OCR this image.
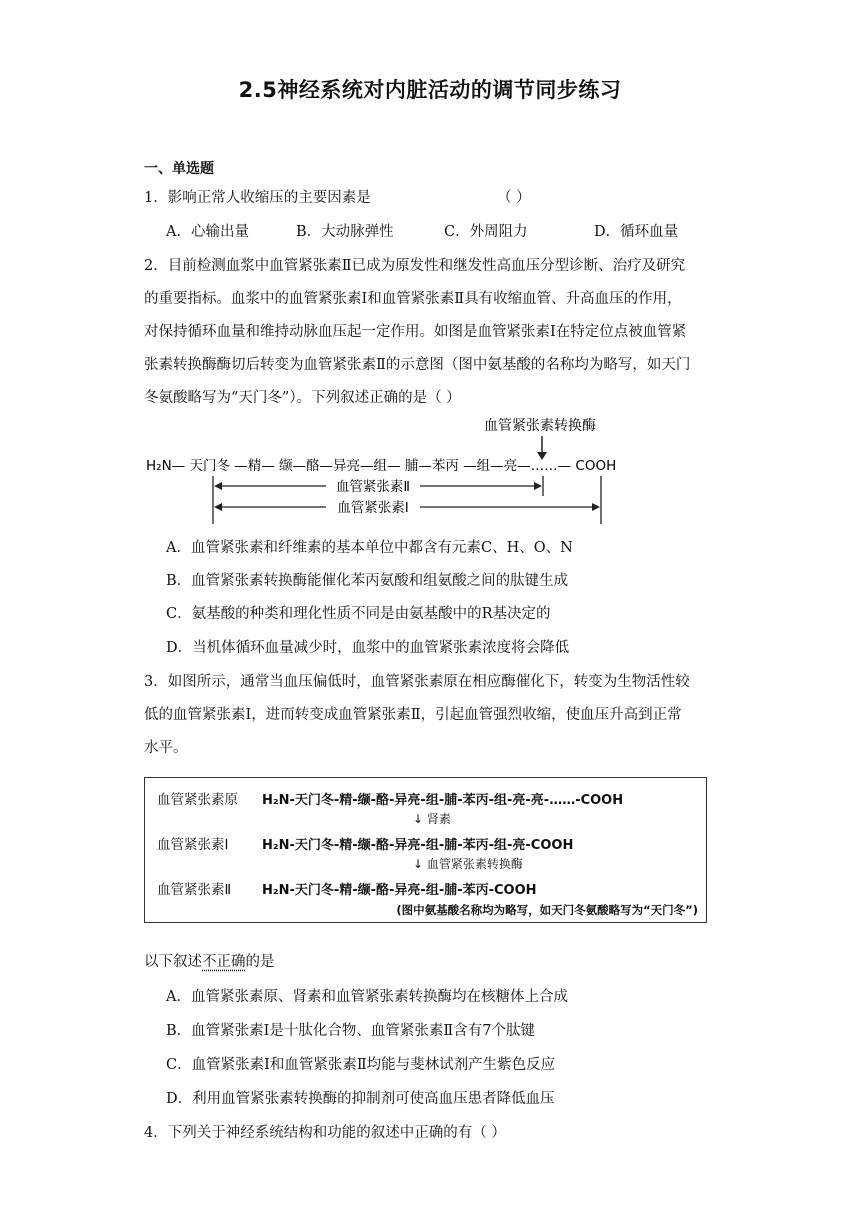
2.5神经系统对内脏活动的调节同步练习
一、单选题
1．影响正常人收缩压的主要因素是	（ ）
A．心输出量	B．大动脉弹性	C．外周阻力	D．循环血量
2．目前检测血浆中血管紧张素Ⅱ已成为原发性和继发性高血压分型诊断、治疗及研究
的重要指标。血浆中的血管紧张素Ⅰ和血管紧张素Ⅱ具有收缩血管、升高血压的作用，
对保持循环血量和维持动脉血压起一定作用。如图是血管紧张素Ⅰ在特定位点被血管紧
张素转换酶酶切后转变为血管紧张素Ⅱ的示意图（图中氨基酸的名称均为略写，如天门
冬氨酸略写为“天门冬”）。下列叙述正确的是（ ）
血管紧张素转换酶
H₂N— 天门冬 —精— 缬—酪—异亮—组— 脯—苯丙 —组—亮—……— COOH
血管紧张素Ⅱ
血管紧张素Ⅰ
A．血管紧张素和纤维素的基本单位中都含有元素C、H、O、N
B．血管紧张素转换酶能催化苯丙氨酸和组氨酸之间的肽键生成
C．氨基酸的种类和理化性质不同是由氨基酸中的R基决定的
D．当机体循环血量减少时，血浆中的血管紧张素浓度将会降低
3．如图所示，通常当血压偏低时，血管紧张素原在相应酶催化下，转变为生物活性较
低的血管紧张素Ⅰ，进而转变成血管紧张素Ⅱ，引起血管强烈收缩，使血压升高到正常
水平。
血管紧张素原 H₂N-天门冬-精-缬-酪-异亮-组-脯-苯丙-组-亮-亮-……-COOH
↓ 肾素
血管紧张素Ⅰ	H₂N-天门冬-精-缬-酪-异亮-组-脯-苯丙-组-亮-COOH
↓ 血管紧张素转换酶
血管紧张素Ⅱ H₂N-天门冬-精-缬-酪-异亮-组-脯-苯丙-COOH
(图中氨基酸名称均为略写，如天门冬氨酸略写为“天门冬”)
以下叙述不正确的是
A．血管紧张素原、肾素和血管紧张素转换酶均在核糖体上合成
B．血管紧张素Ⅰ是十肽化合物、血管紧张素Ⅱ含有7个肽键
C．血管紧张素Ⅰ和血管紧张素Ⅱ均能与斐林试剂产生紫色反应
D．利用血管紧张素转换酶的抑制剂可使高血压患者降低血压
4．下列关于神经系统结构和功能的叙述中正确的有（ ）
